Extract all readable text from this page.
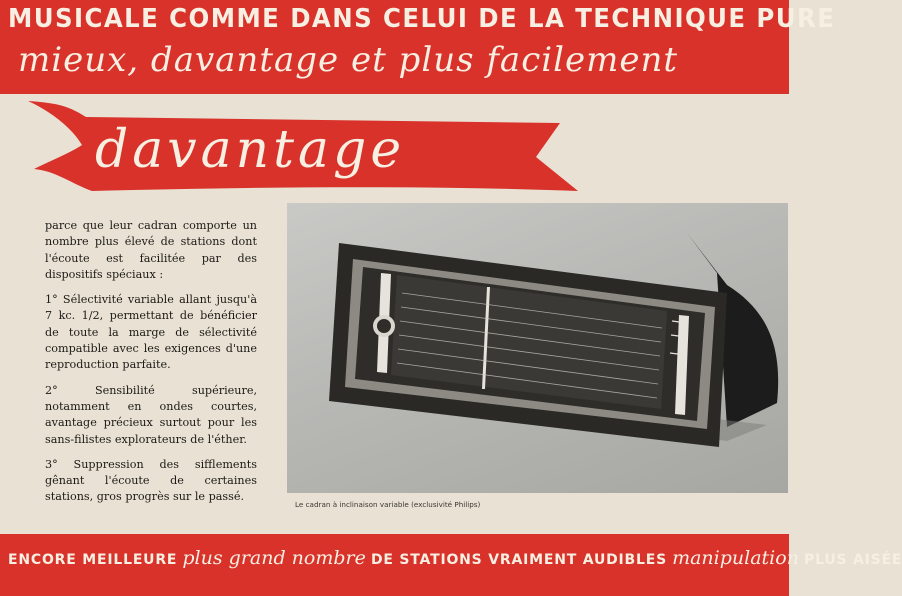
MUSICALE COMME DANS CELUI DE LA TECHNIQUE PURE
mieux, davantage et plus facilement
davantage

parce que leur cadran comporte un nombre plus élevé de stations dont l'écoute est facilitée par des dispositifs spéciaux :

1° Sélectivité variable allant jusqu'à 7 kc. 1/2, permettant de bénéficier de toute la marge de sélectivité compatible avec les exigences d'une reproduction parfaite.

2° Sensibilité supérieure, notamment en ondes courtes, avantage précieux surtout pour les sans-filistes explorateurs de l'éther.

3° Suppression des sifflements gênant l'écoute de certaines stations, gros progrès sur le passé.

Le cadran à inclinaison variable (exclusivité Philips)
ENCORE MEILLEURE plus grand nombre DE STATIONS VRAIMENT AUDIBLES manipulation PLUS AISÉE
